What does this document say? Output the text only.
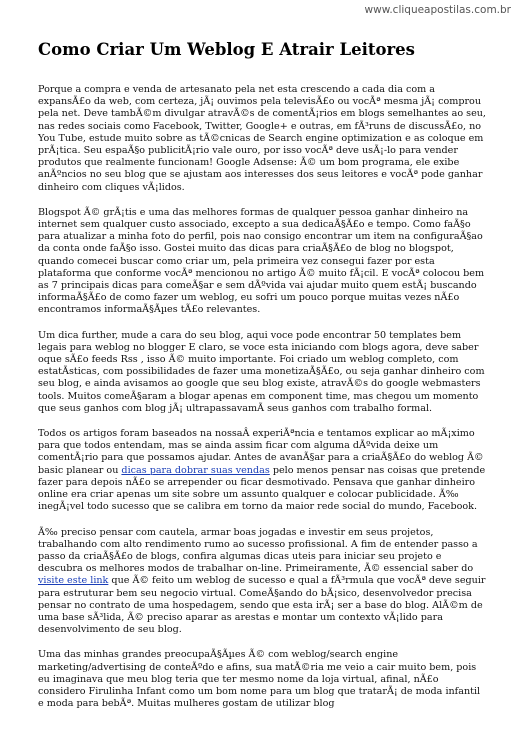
www.cliqueapostilas.com.br
Como Criar Um Weblog E Atrair Leitores

Porque a compra e venda de artesanato pela net esta crescendo a cada dia com a expansÃ£o da web, com certeza, jÃ¡ ouvimos pela televisÃ£o ou vocÃª mesma jÃ¡ comprou pela net. Deve tambÃ©m divulgar atravÃ©s de comentÃ¡rios em blogs semelhantes ao seu, nas redes sociais como Facebook, Twitter, Google+ e outras, em fÃ³runs de discussÃ£o, no You Tube, estude muito sobre as tÃ©cnicas de Search engine optimization e as coloque em prÃ¡tica. Seu espaÃ§o publicitÃ¡rio vale ouro, por isso vocÃª deve usÃ¡-lo para vender produtos que realmente funcionam! Google Adsense: Ã© um bom programa, ele exibe anÃºncios no seu blog que se ajustam aos interesses dos seus leitores e vocÃª pode ganhar dinheiro com cliques vÃ¡lidos.

Blogspot Ã© grÃ¡tis e uma das melhores formas de qualquer pessoa ganhar dinheiro na internet sem qualquer custo associado, excepto a sua dedicaÃ§Ã£o e tempo. Como faÃ§o para atualizar a minha foto do perfil, pois nao consigo encontrar um item na configuraÃ§ao da conta onde faÃ§o isso. Gostei muito das dicas para criaÃ§Ã£o de blog no blogspot, quando comecei buscar como criar um, pela primeira vez consegui fazer por esta plataforma que conforme vocÃª mencionou no artigo Ã© muito fÃ¡cil. E vocÃª colocou bem as 7 principais dicas para comeÃ§ar e sem dÃºvida vai ajudar muito quem estÃ¡ buscando informaÃ§Ã£o de como fazer um weblog, eu sofri um pouco porque muitas vezes nÃ£o encontramos informaÃ§Ãµes tÃ£o relevantes.

Um dica further, mude a cara do seu blog, aqui voce pode encontrar 50 templates bem legais para weblog no blogger E claro, se voce esta iniciando com blogs agora, deve saber oque sÃ£o feeds Rss , isso Ã© muito importante. Foi criado um weblog completo, com estatÃsticas, com possibilidades de fazer uma monetizaÃ§Ã£o, ou seja ganhar dinheiro com seu blog, e ainda avisamos ao google que seu blog existe, atravÃ©s do google webmasters tools. Muitos comeÃ§aram a blogar apenas em component time, mas chegou um momento que seus ganhos com blog jÃ¡ ultrapassavamÃ seus ganhos com trabalho formal.

Todos os artigos foram baseados na nossaÂ experiÃªncia e tentamos explicar ao mÃ¡ximo para que todos entendam, mas se ainda assim ficar com alguma dÃºvida deixe um comentÃ¡rio para que possamos ajudar. Antes de avanÃ§ar para a criaÃ§Ã£o do weblog Ã© basic planear ou dicas para dobrar suas vendas pelo menos pensar nas coisas que pretende fazer para depois nÃ£o se arrepender ou ficar desmotivado. Pensava que ganhar dinheiro online era criar apenas um site sobre um assunto qualquer e colocar publicidade. Ã‰ inegÃ¡vel todo sucesso que se calibra em torno da maior rede social do mundo, Facebook.

Ã‰ preciso pensar com cautela, armar boas jogadas e investir em seus projetos, trabalhando com alto rendimento rumo ao sucesso profissional. A fim de entender passo a passo da criaÃ§Ã£o de blogs, confira algumas dicas uteis para iniciar seu projeto e descubra os melhores modos de trabalhar on-line. Primeiramente, Ã© essencial saber do visite este link que Ã© feito um weblog de sucesso e qual a fÃ³rmula que vocÃª deve seguir para estruturar bem seu negocio virtual. ComeÃ§ando do bÃ¡sico, desenvolvedor precisa pensar no contrato de uma hospedagem, sendo que esta irÃ¡ ser a base do blog. AlÃ©m de uma base sÃ³lida, Ã© preciso aparar as arestas e montar um contexto vÃ¡lido para desenvolvimento de seu blog.

Uma das minhas grandes preocupaÃ§Ãµes Ã© com weblog/search engine marketing/advertising de conteÃºdo e afins, sua matÃ©ria me veio a cair muito bem, pois eu imaginava que meu blog teria que ter mesmo nome da loja virtual, afinal, nÃ£o considero Firulinha Infant como um bom nome para um blog que tratarÃ¡ de moda infantil e moda para bebÃª. Muitas mulheres gostam de utilizar blog
